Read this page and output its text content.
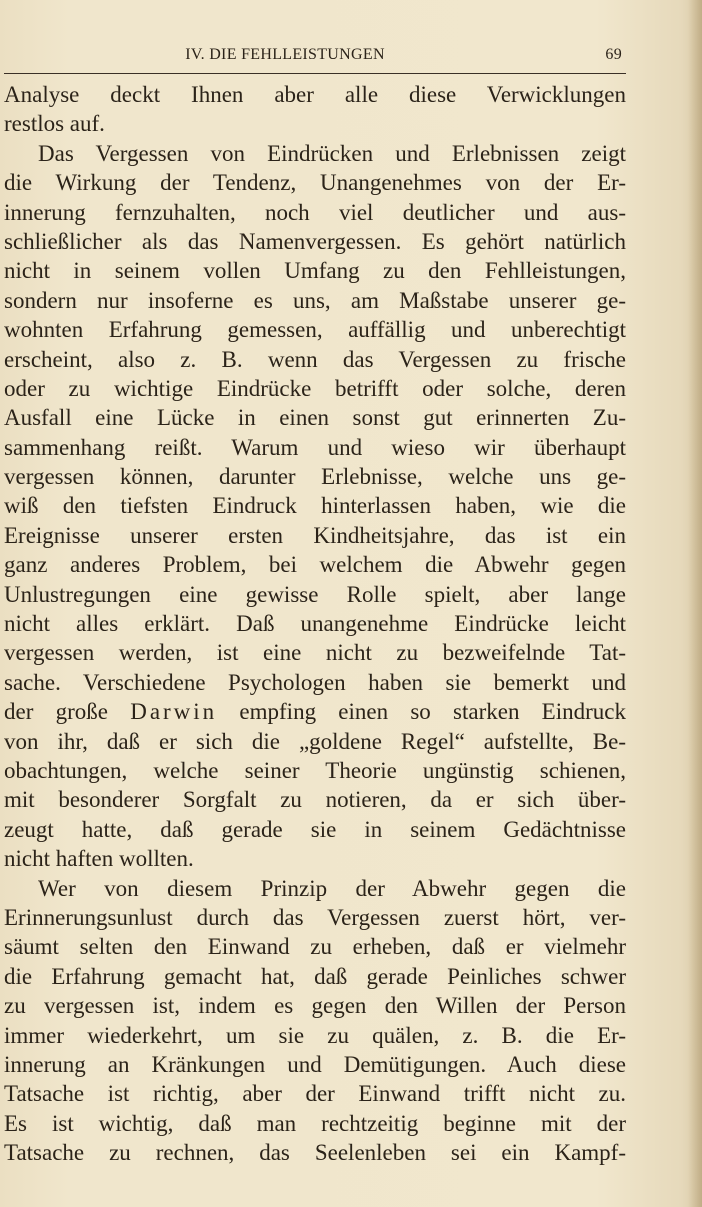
IV. DIE FEHLLEISTUNGEN	69
Analyse deckt Ihnen aber alle diese Verwicklungen
restlos auf.
Das Vergessen von Eindrücken und Erlebnissen zeigt
die Wirkung der Tendenz, Unangenehmes von der Er-
innerung fernzuhalten, noch viel deutlicher und aus-
schließlicher als das Namenvergessen. Es gehört natürlich
nicht in seinem vollen Umfang zu den Fehlleistungen,
sondern nur insoferne es uns, am Maßstabe unserer ge-
wohnten Erfahrung gemessen, auffällig und unberechtigt
erscheint, also z. B. wenn das Vergessen zu frische
oder zu wichtige Eindrücke betrifft oder solche, deren
Ausfall eine Lücke in einen sonst gut erinnerten Zu-
sammenhang reißt. Warum und wieso wir überhaupt
vergessen können, darunter Erlebnisse, welche uns ge-
wiß den tiefsten Eindruck hinterlassen haben, wie die
Ereignisse unserer ersten Kindheitsjahre, das ist ein
ganz anderes Problem, bei welchem die Abwehr gegen
Unlustregungen eine gewisse Rolle spielt, aber lange
nicht alles erklärt. Daß unangenehme Eindrücke leicht
vergessen werden, ist eine nicht zu bezweifelnde Tat-
sache. Verschiedene Psychologen haben sie bemerkt und
der große Darwin empfing einen so starken Eindruck
von ihr, daß er sich die „goldene Regel“ aufstellte, Be-
obachtungen, welche seiner Theorie ungünstig schienen,
mit besonderer Sorgfalt zu notieren, da er sich über-
zeugt hatte, daß gerade sie in seinem Gedächtnisse
nicht haften wollten.
Wer von diesem Prinzip der Abwehr gegen die
Erinnerungsunlust durch das Vergessen zuerst hört, ver-
säumt selten den Einwand zu erheben, daß er vielmehr
die Erfahrung gemacht hat, daß gerade Peinliches schwer
zu vergessen ist, indem es gegen den Willen der Person
immer wiederkehrt, um sie zu quälen, z. B. die Er-
innerung an Kränkungen und Demütigungen. Auch diese
Tatsache ist richtig, aber der Einwand trifft nicht zu.
Es ist wichtig, daß man rechtzeitig beginne mit der
Tatsache zu rechnen, das Seelenleben sei ein Kampf-
